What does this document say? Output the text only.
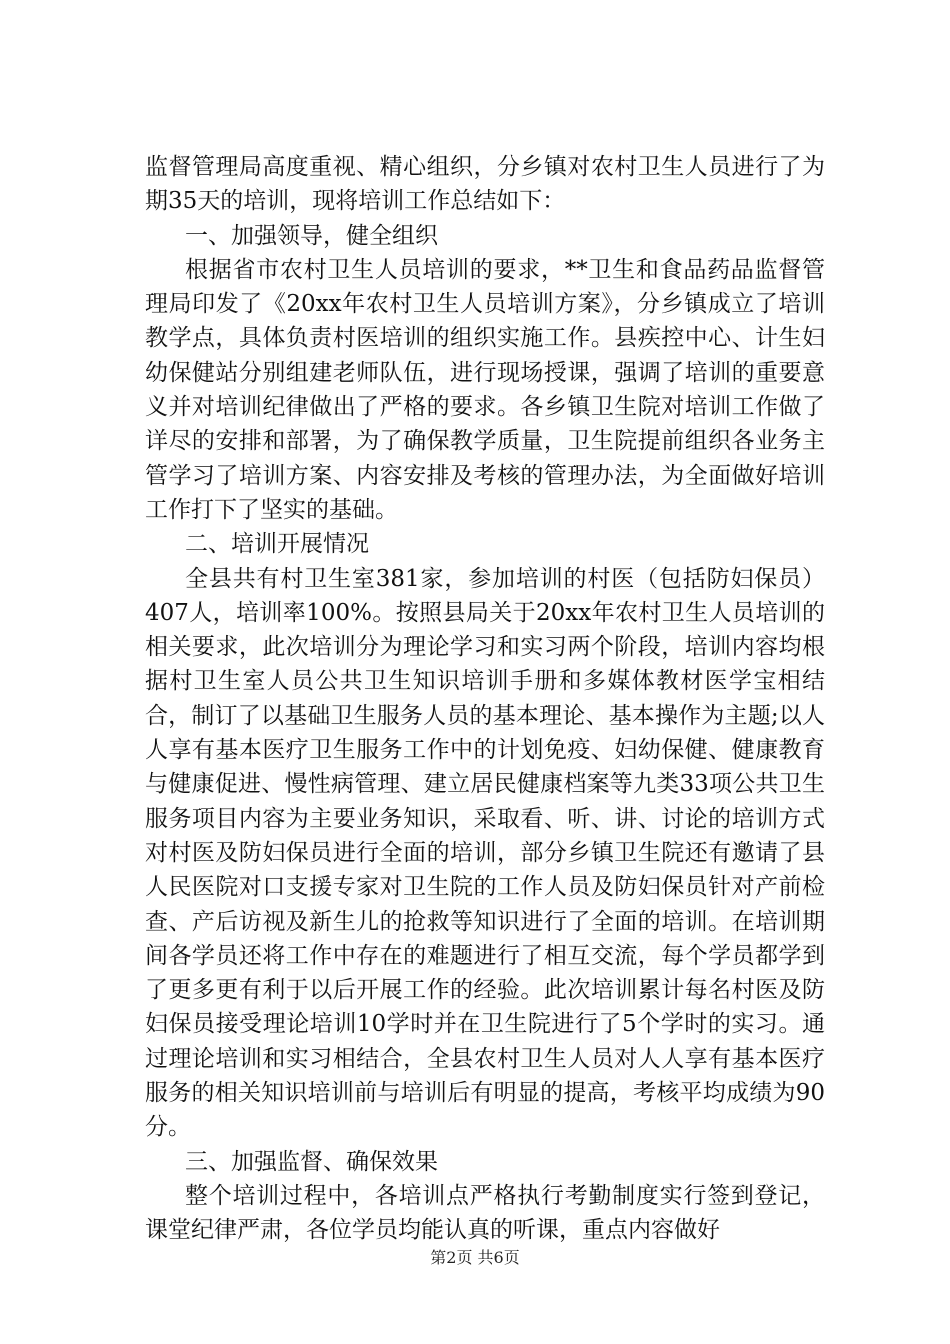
监督管理局高度重视、精心组织，分乡镇对农村卫生人员进行了为期35天的培训，现将培训工作总结如下：

一、加强领导，健全组织

根据省市农村卫生人员培训的要求，**卫生和食品药品监督管理局印发了《20xx年农村卫生人员培训方案》，分乡镇成立了培训教学点，具体负责村医培训的组织实施工作。县疾控中心、计生妇幼保健站分别组建老师队伍，进行现场授课，强调了培训的重要意义并对培训纪律做出了严格的要求。各乡镇卫生院对培训工作做了详尽的安排和部署，为了确保教学质量，卫生院提前组织各业务主管学习了培训方案、内容安排及考核的管理办法，为全面做好培训工作打下了坚实的基础。

二、培训开展情况

全县共有村卫生室381家，参加培训的村医（包括防妇保员）407人，培训率100%。按照县局关于20xx年农村卫生人员培训的相关要求，此次培训分为理论学习和实习两个阶段，培训内容均根据村卫生室人员公共卫生知识培训手册和多媒体教材医学宝相结合，制订了以基础卫生服务人员的基本理论、基本操作为主题;以人人享有基本医疗卫生服务工作中的计划免疫、妇幼保健、健康教育与健康促进、慢性病管理、建立居民健康档案等九类33项公共卫生服务项目内容为主要业务知识，采取看、听、讲、讨论的培训方式对村医及防妇保员进行全面的培训，部分乡镇卫生院还有邀请了县人民医院对口支援专家对卫生院的工作人员及防妇保员针对产前检查、产后访视及新生儿的抢救等知识进行了全面的培训。在培训期间各学员还将工作中存在的难题进行了相互交流，每个学员都学到了更多更有利于以后开展工作的经验。此次培训累计每名村医及防妇保员接受理论培训10学时并在卫生院进行了5个学时的实习。通过理论培训和实习相结合，全县农村卫生人员对人人享有基本医疗服务的相关知识培训前与培训后有明显的提高，考核平均成绩为90分。

三、加强监督、确保效果

整个培训过程中，各培训点严格执行考勤制度实行签到登记，课堂纪律严肃，各位学员均能认真的听课，重点内容做好

第2页 共6页
